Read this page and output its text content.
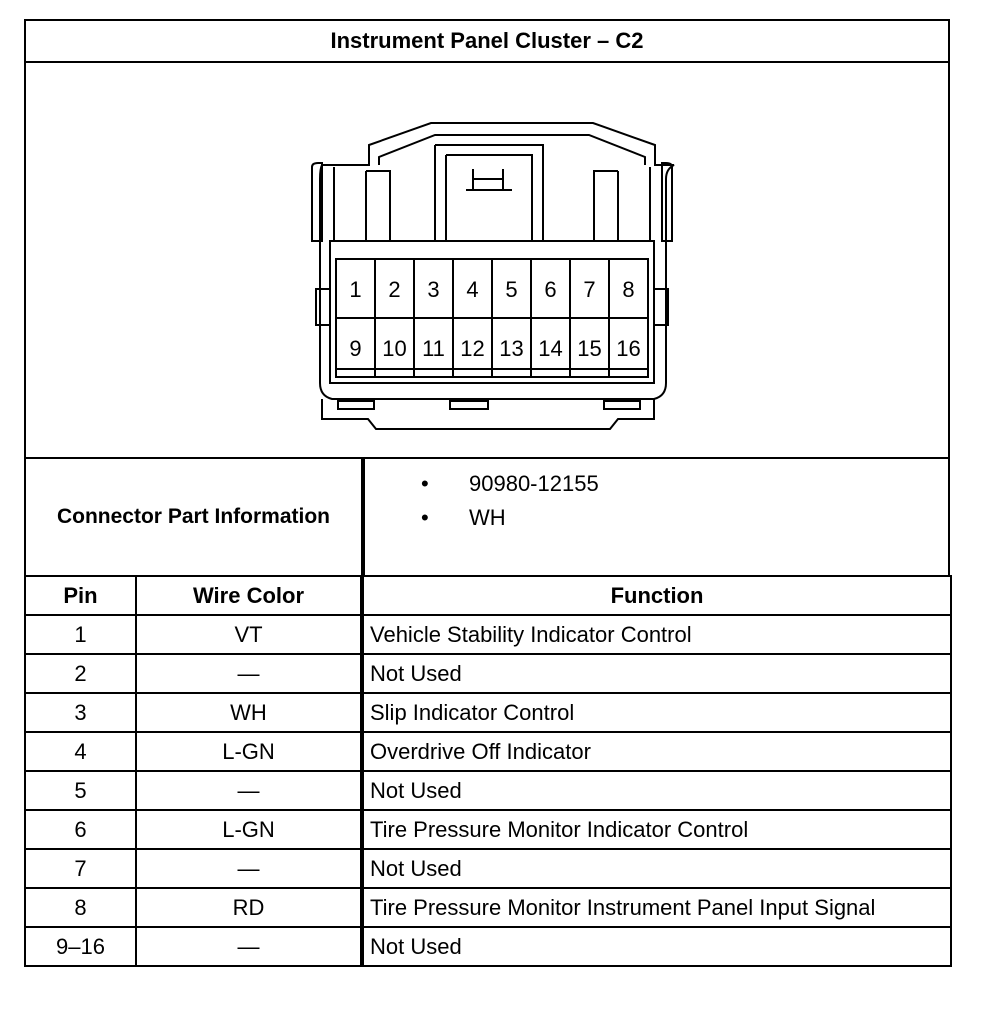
Instrument Panel Cluster – C2
1 2 3 4 5 6 7 8
9 10 11 12 13 14 15 16
Connector Part Information
• 90980-12155
• WH
Pin	Wire Color	Function
1	VT	Vehicle Stability Indicator Control
2	—	Not Used
3	WH	Slip Indicator Control
4	L-GN	Overdrive Off Indicator
5	—	Not Used
6	L-GN	Tire Pressure Monitor Indicator Control
7	—	Not Used
8	RD	Tire Pressure Monitor Instrument Panel Input Signal
9–16	—	Not Used
